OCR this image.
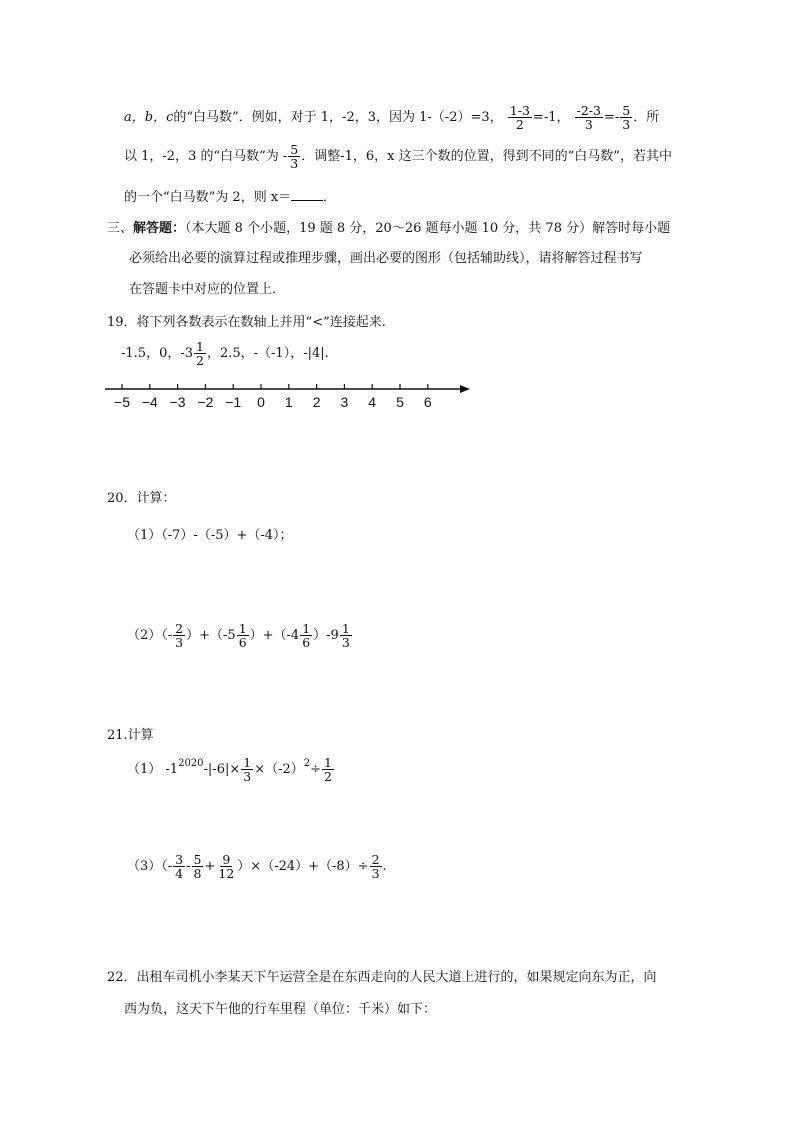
a，b，c的“白马数”．例如，对于 1，-2，3，因为 1-（-2）=3， $\frac{1-3}{2} =-1$， $\frac{-2-3}{3} =- \frac{5}{3}$ ．所
以 1，-2，3 的“白马数”为 - $\frac{5}{3}$ ．调整-1，6，x 这三个数的位置，得到不同的“白马数”，若其中
的一个“白马数”为 2，则 x＝ ．
三、解答题：（本大题 8 个小题，19 题 8 分，20～26 题每小题 10 分，共 78 分）解答时每小题
必须给出必要的演算过程或推理步骤，画出必要的图形（包括辅助线），请将解答过程书写
在答题卡中对应的位置上．
19．将下列各数表示在数轴上并用“<”连接起来.
-1.5，0，$-3 \frac{1}{2}$ ，2.5，-（-1），-|4|.
−5 −4 −3 −2 −1 0 1 2 3 4 5 6
20．计算：
（1）（-7）-（-5）+（-4）；
$(2)(- \frac{2}{3} )+(-5 \frac{1}{6} )+(-4 \frac{1}{6} )-9 \frac{1}{3}$
21.计算
（1） $-1^{2020}-|-6|\times \frac{1}{3} \times(-2)^2\div \frac{1}{2}$
$(3)(- \frac{3}{4} - \frac{5}{8} + \frac{9}{12} )\times(-24)+(-8)\div \frac{2}{3}$ .
22．出租车司机小李某天下午运营全是在东西走向的人民大道上进行的，如果规定向东为正，向
西为负，这天下午他的行车里程（单位：千米）如下：
